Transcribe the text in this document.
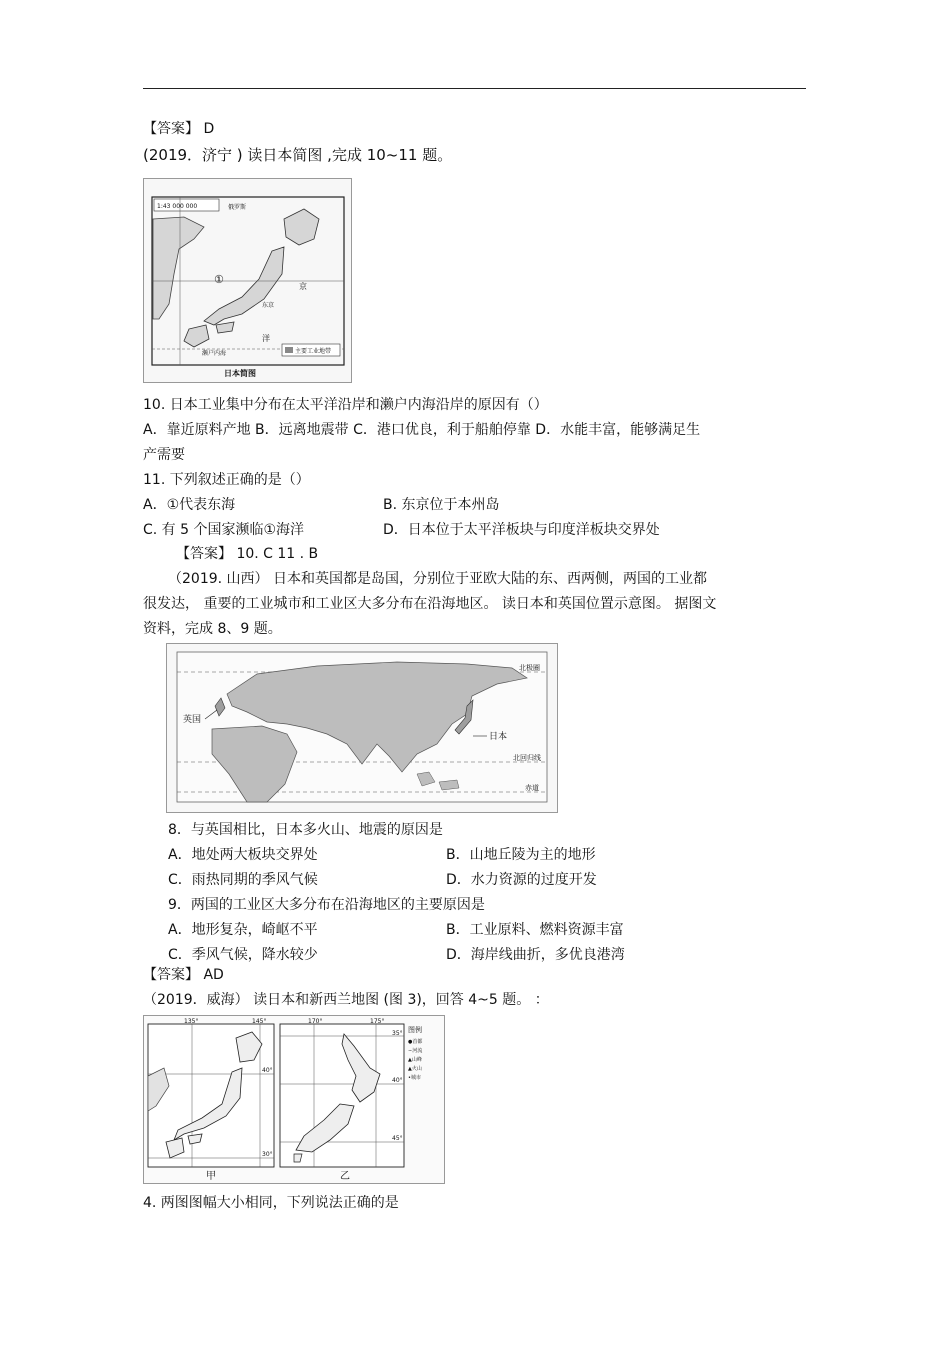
【答案】 D
(2019．济宁 ) 读日本简图 ,完成 10~11 题。
1:43 000 000	俄罗斯
①
京
东京
濑户内海
洋
主要工业地带
日本简图
10. 日本工业集中分布在太平洋沿岸和濑户内海沿岸的原因有（）
A．靠近原料产地 B．远离地震带 C．港口优良，利于船舶停靠 D．水能丰富，能够满足生
产需要
11. 下列叙述正确的是（）
A．①代表东海	B. 东京位于本州岛
C. 有 5 个国家濒临①海洋	D．日本位于太平洋板块与印度洋板块交界处
【答案】 10. C 11 . B
（2019. 山西） 日本和英国都是岛国，分别位于亚欧大陆的东、西两侧，两国的工业都
很发达， 重要的工业城市和工业区大多分布在沿海地区。 读日本和英国位置示意图。 据图文
资料，完成 8、9 题。
北极圈
英国
日本
北回归线
赤道
8．与英国相比，日本多火山、地震的原因是
A．地处两大板块交界处	B．山地丘陵为主的地形
C．雨热同期的季风气候	D．水力资源的过度开发
9．两国的工业区大多分布在沿海地区的主要原因是
A．地形复杂，崎岖不平	B．工业原料、燃料资源丰富
C．季风气候，降水较少	D．海岸线曲折，多优良港湾
【答案】 AD
（2019．威海） 读日本和新西兰地图 (图 3)，回答 4~5 题。 ：
135°	145°
40°
30°
170°	175°
35°
40°
45°
图例
●首都
∽河流
▲山峰
▲火山
•城市
甲	乙
4. 两图图幅大小相同，下列说法正确的是
